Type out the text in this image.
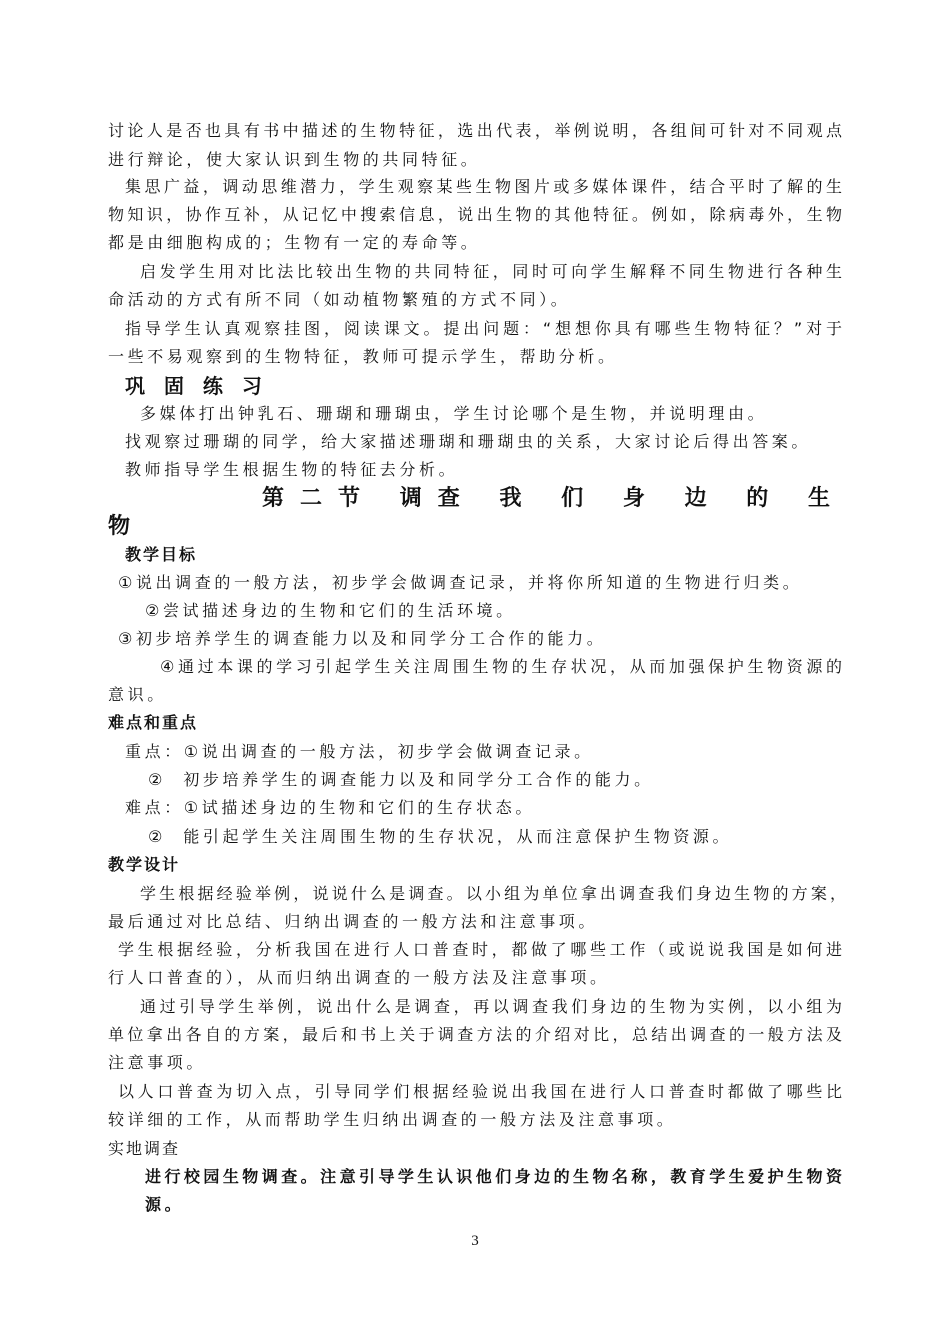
讨论人是否也具有书中描述的生物特征，选出代表，举例说明，各组间可针对不同观点
进行辩论，使大家认识到生物的共同特征。
集思广益，调动思维潜力，学生观察某些生物图片或多媒体课件，结合平时了解的生
物知识，协作互补，从记忆中搜索信息，说出生物的其他特征。例如，除病毒外，生物
都是由细胞构成的；生物有一定的寿命等。
启发学生用对比法比较出生物的共同特征，同时可向学生解释不同生物进行各种生
命活动的方式有所不同（如动植物繁殖的方式不同）。
指导学生认真观察挂图，阅读课文。提出问题：“想想你具有哪些生物特征？”对于
一些不易观察到的生物特征，教师可提示学生，帮助分析。
巩 固 练 习
多媒体打出钟乳石、珊瑚和珊瑚虫，学生讨论哪个是生物，并说明理由。
找观察过珊瑚的同学，给大家描述珊瑚和珊瑚虫的关系，大家讨论后得出答案。
教师指导学生根据生物的特征去分析。
第二节 调查 我 们 身 边 的 生
物
教学目标
①说出调查的一般方法，初步学会做调查记录，并将你所知道的生物进行归类。
②尝试描述身边的生物和它们的生活环境。
③初步培养学生的调查能力以及和同学分工合作的能力。
④通过本课的学习引起学生关注周围生物的生存状况，从而加强保护生物资源的
意识。
难点和重点
重点：①说出调查的一般方法，初步学会做调查记录。
②  初步培养学生的调查能力以及和同学分工合作的能力。
难点：①试描述身边的生物和它们的生存状态。
②  能引起学生关注周围生物的生存状况，从而注意保护生物资源。
教学设计
学生根据经验举例，说说什么是调查。以小组为单位拿出调查我们身边生物的方案，
最后通过对比总结、归纳出调查的一般方法和注意事项。
学生根据经验，分析我国在进行人口普查时，都做了哪些工作（或说说我国是如何进
行人口普查的），从而归纳出调查的一般方法及注意事项。
通过引导学生举例，说出什么是调查，再以调查我们身边的生物为实例，以小组为
单位拿出各自的方案，最后和书上关于调查方法的介绍对比，总结出调查的一般方法及
注意事项。
以人口普查为切入点，引导同学们根据经验说出我国在进行人口普查时都做了哪些比
较详细的工作，从而帮助学生归纳出调查的一般方法及注意事项。
实地调查
进行校园生物调查。注意引导学生认识他们身边的生物名称，教育学生爱护生物资
源。
3
